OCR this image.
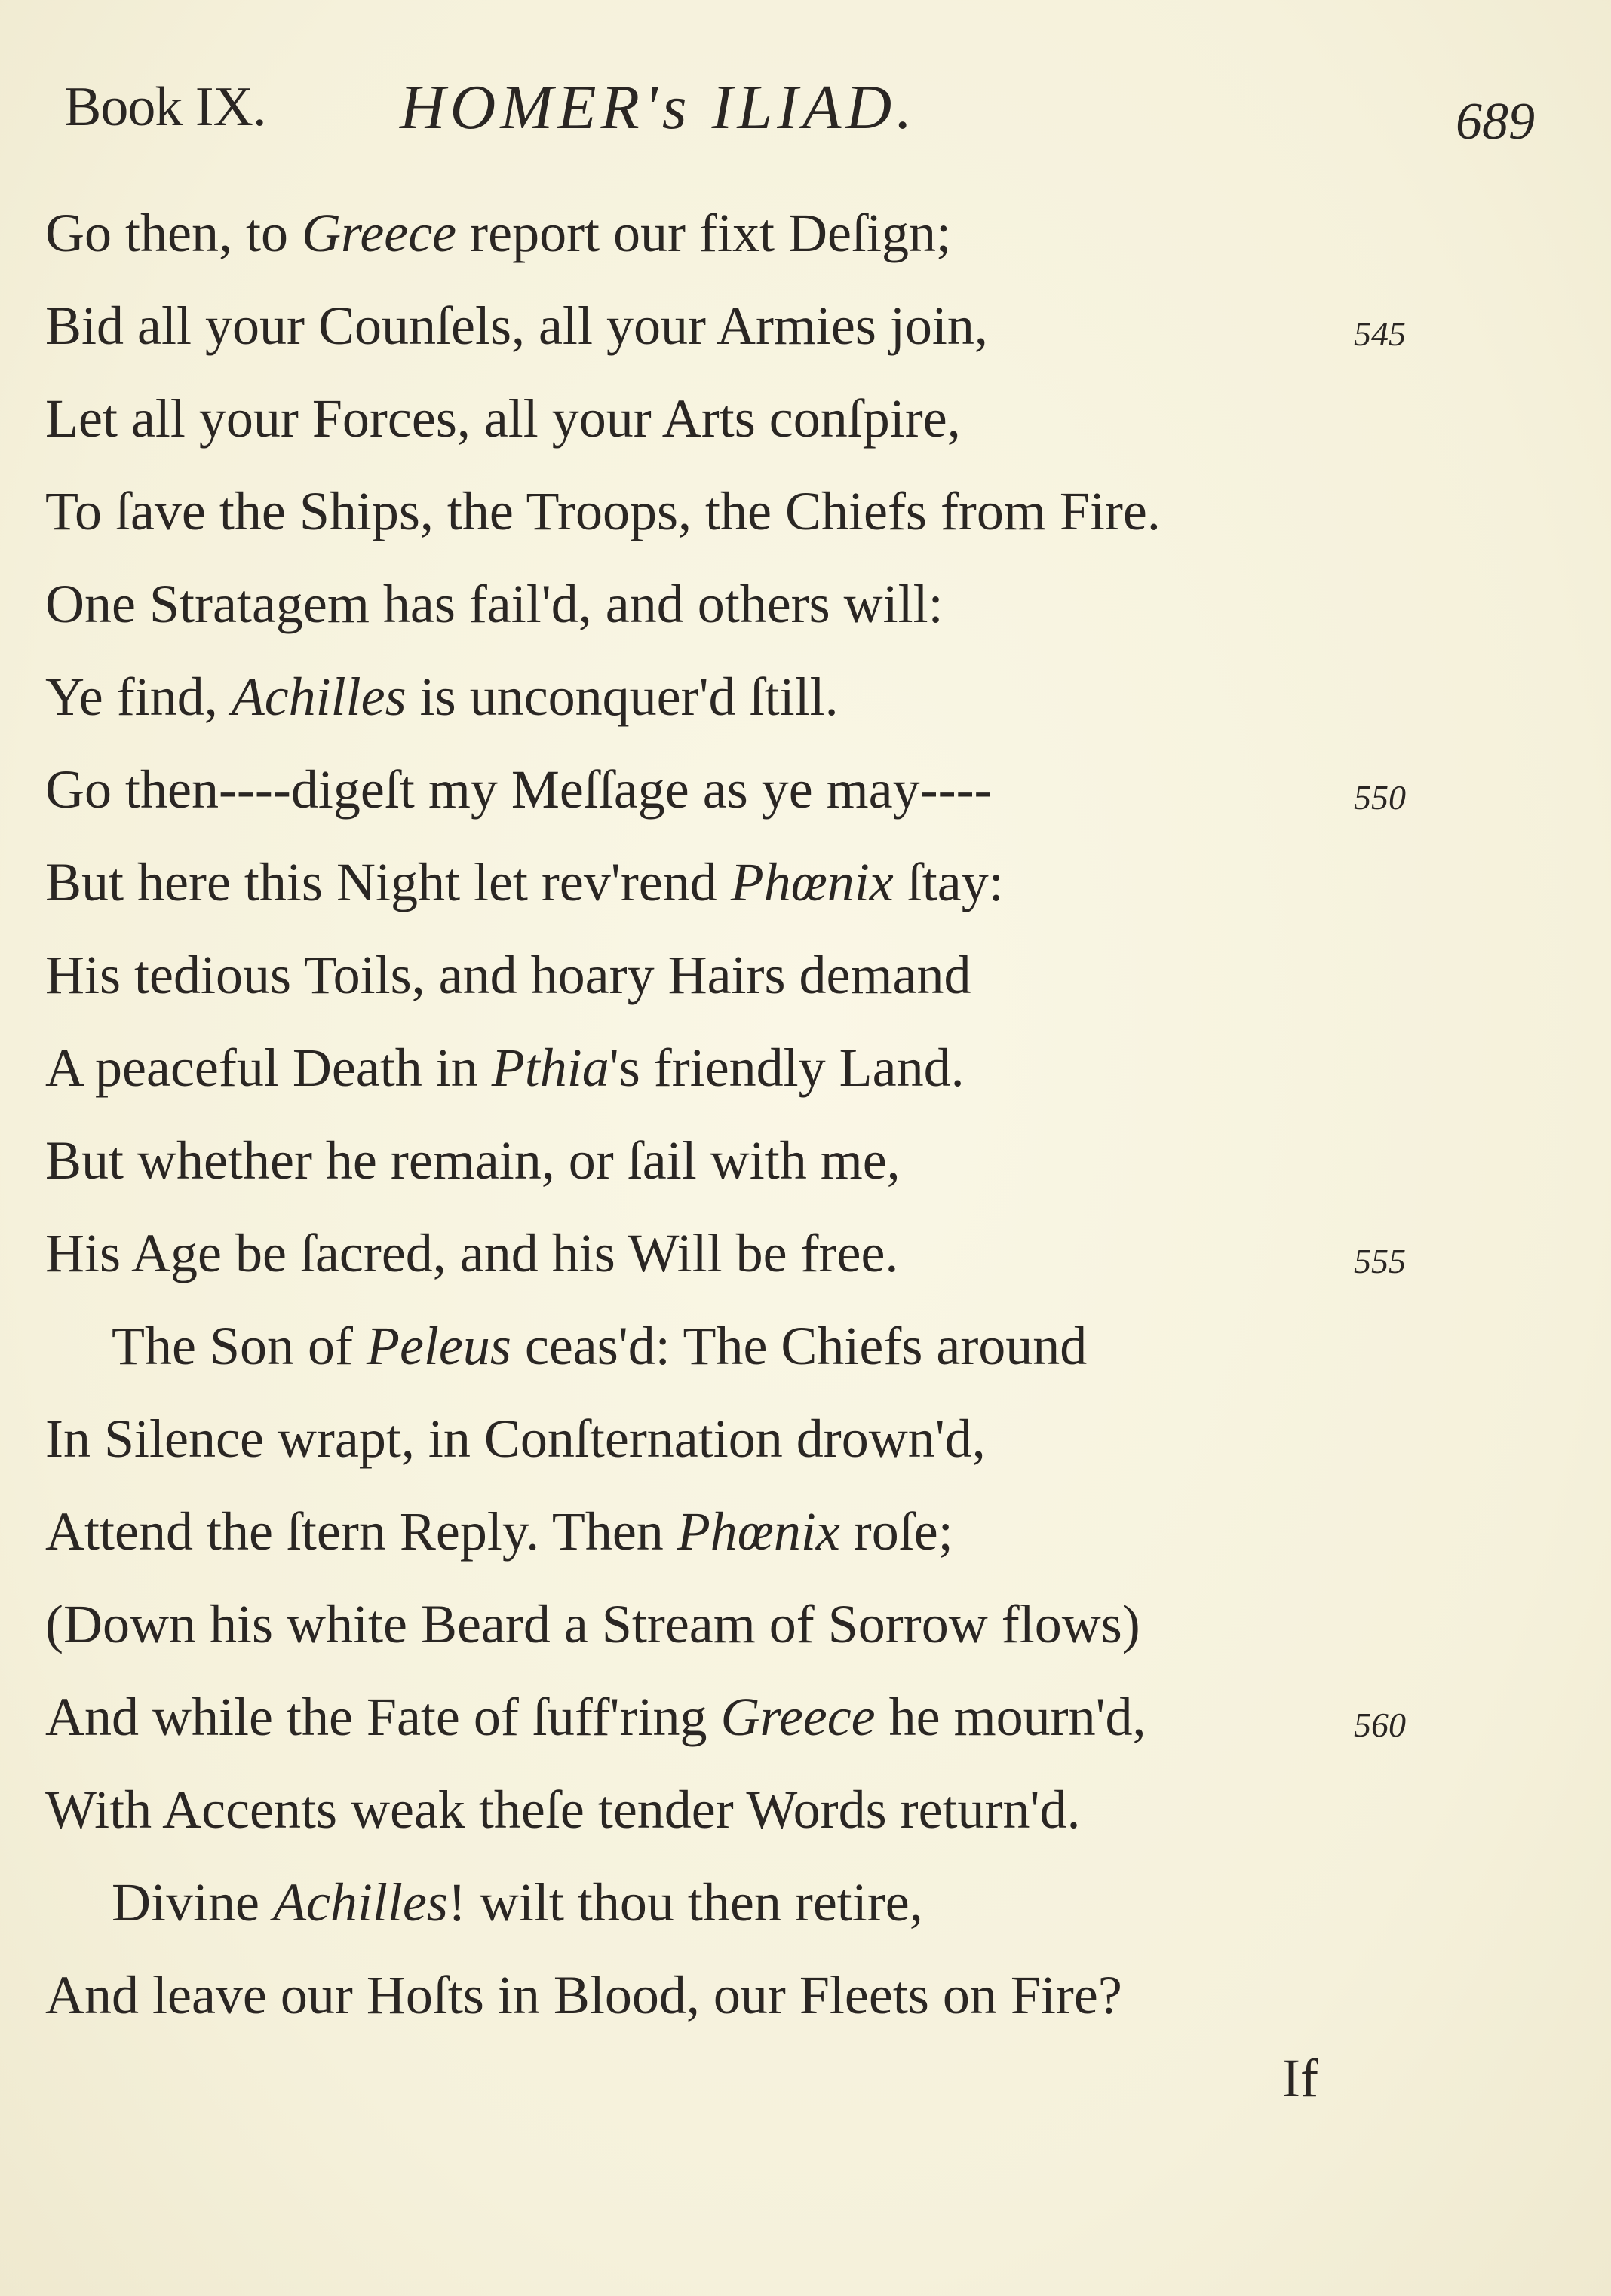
Book IX. HOMER's ILIAD.	689
Go then, to Greece report our fixt Deſign;
Bid all your Counſels, all your Armies join,	545
Let all your Forces, all your Arts conſpire,
To ſave the Ships, the Troops, the Chiefs from Fire.
One Stratagem has fail'd, and others will:
Ye find, Achilles is unconquer'd ſtill.
Go then----digeſt my Meſſage as ye may----	550
But here this Night let rev'rend Phœnix ſtay:
His tedious Toils, and hoary Hairs demand
A peaceful Death in Pthia's friendly Land.
But whether he remain, or ſail with me,
His Age be ſacred, and his Will be free.	555
The Son of Peleus ceas'd: The Chiefs around
In Silence wrapt, in Conſternation drown'd,
Attend the ſtern Reply. Then Phœnix roſe;
(Down his white Beard a Stream of Sorrow flows)
And while the Fate of ſuff'ring Greece he mourn'd,	560
With Accents weak theſe tender Words return'd.
Divine Achilles! wilt thou then retire,
And leave our Hoſts in Blood, our Fleets on Fire?
If
